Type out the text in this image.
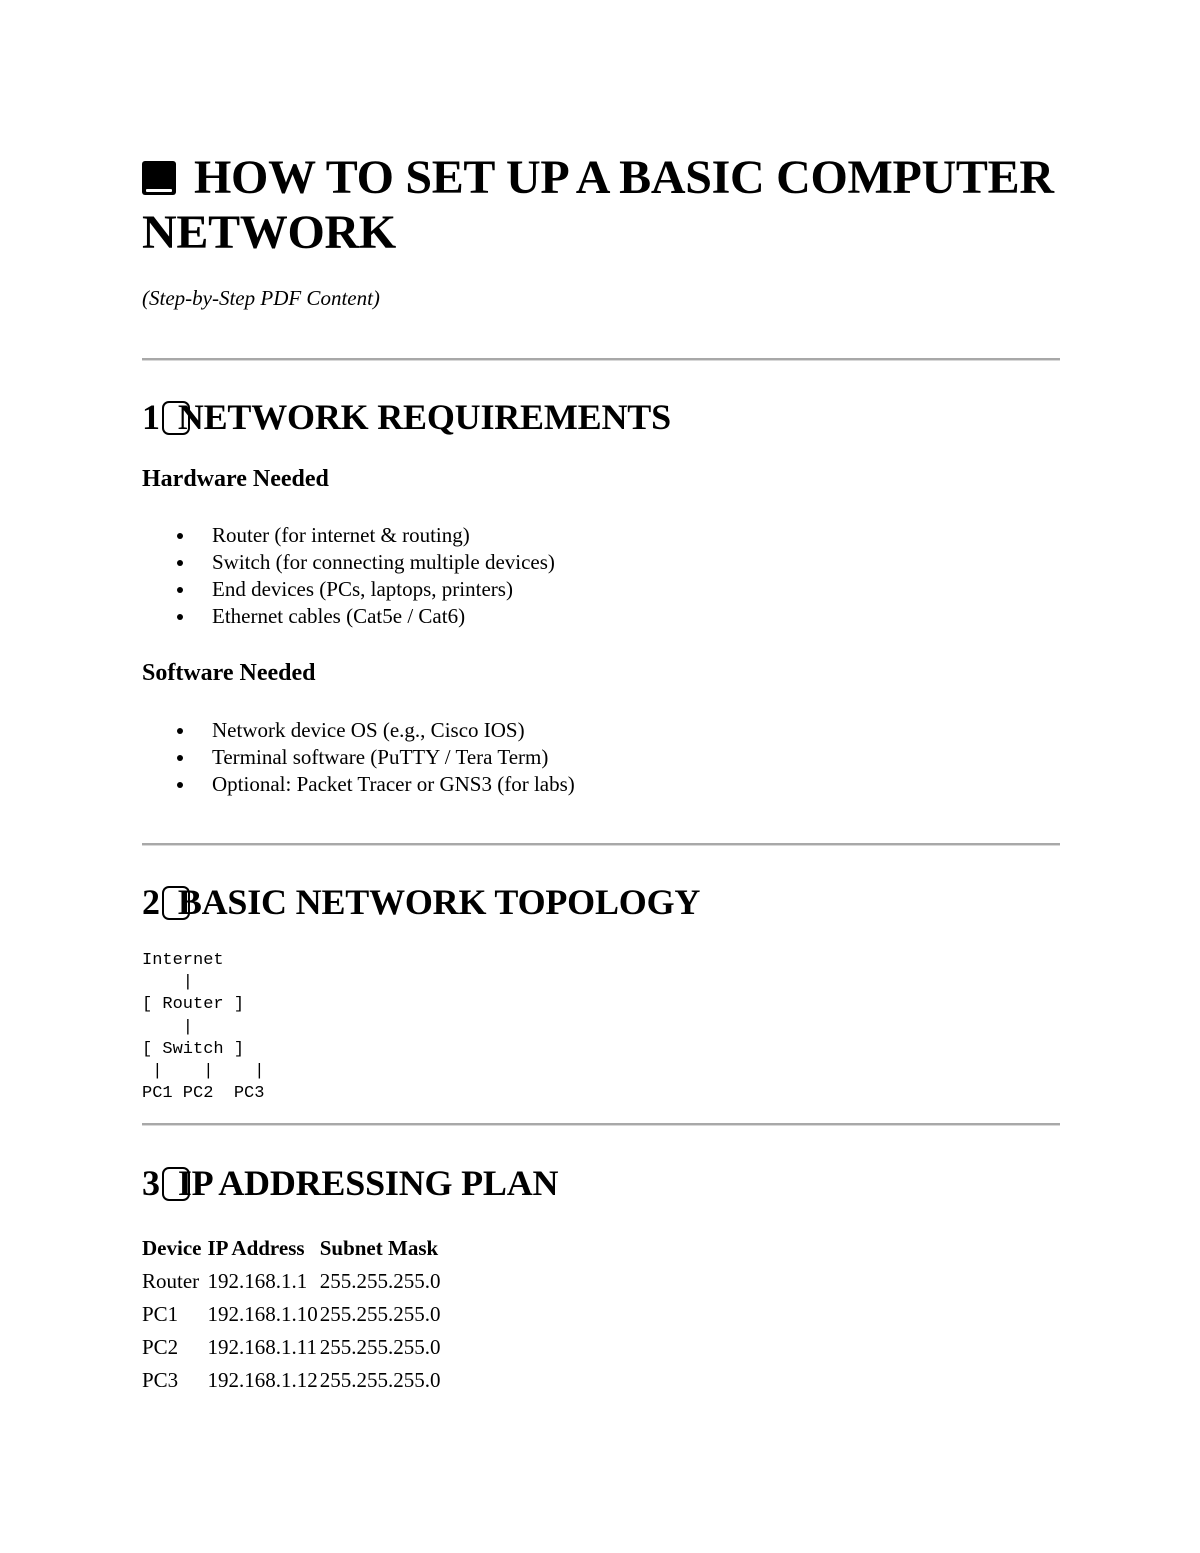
HOW TO SET UP A BASIC COMPUTER NETWORK
(Step-by-Step PDF Content)
1 NETWORK REQUIREMENTS
Hardware Needed
Router (for internet & routing)
Switch (for connecting multiple devices)
End devices (PCs, laptops, printers)
Ethernet cables (Cat5e / Cat6)
Software Needed
Network device OS (e.g., Cisco IOS)
Terminal software (PuTTY / Tera Term)
Optional: Packet Tracer or GNS3 (for labs)
2 BASIC NETWORK TOPOLOGY
Internet
|
[ Router ]
|
[ Switch ]
|    |    |
PC1 PC2  PC3
3 IP ADDRESSING PLAN
Device	IP Address	Subnet Mask
Router	192.168.1.1	255.255.255.0
PC1	192.168.1.10	255.255.255.0
PC2	192.168.1.11	255.255.255.0
PC3	192.168.1.12	255.255.255.0
